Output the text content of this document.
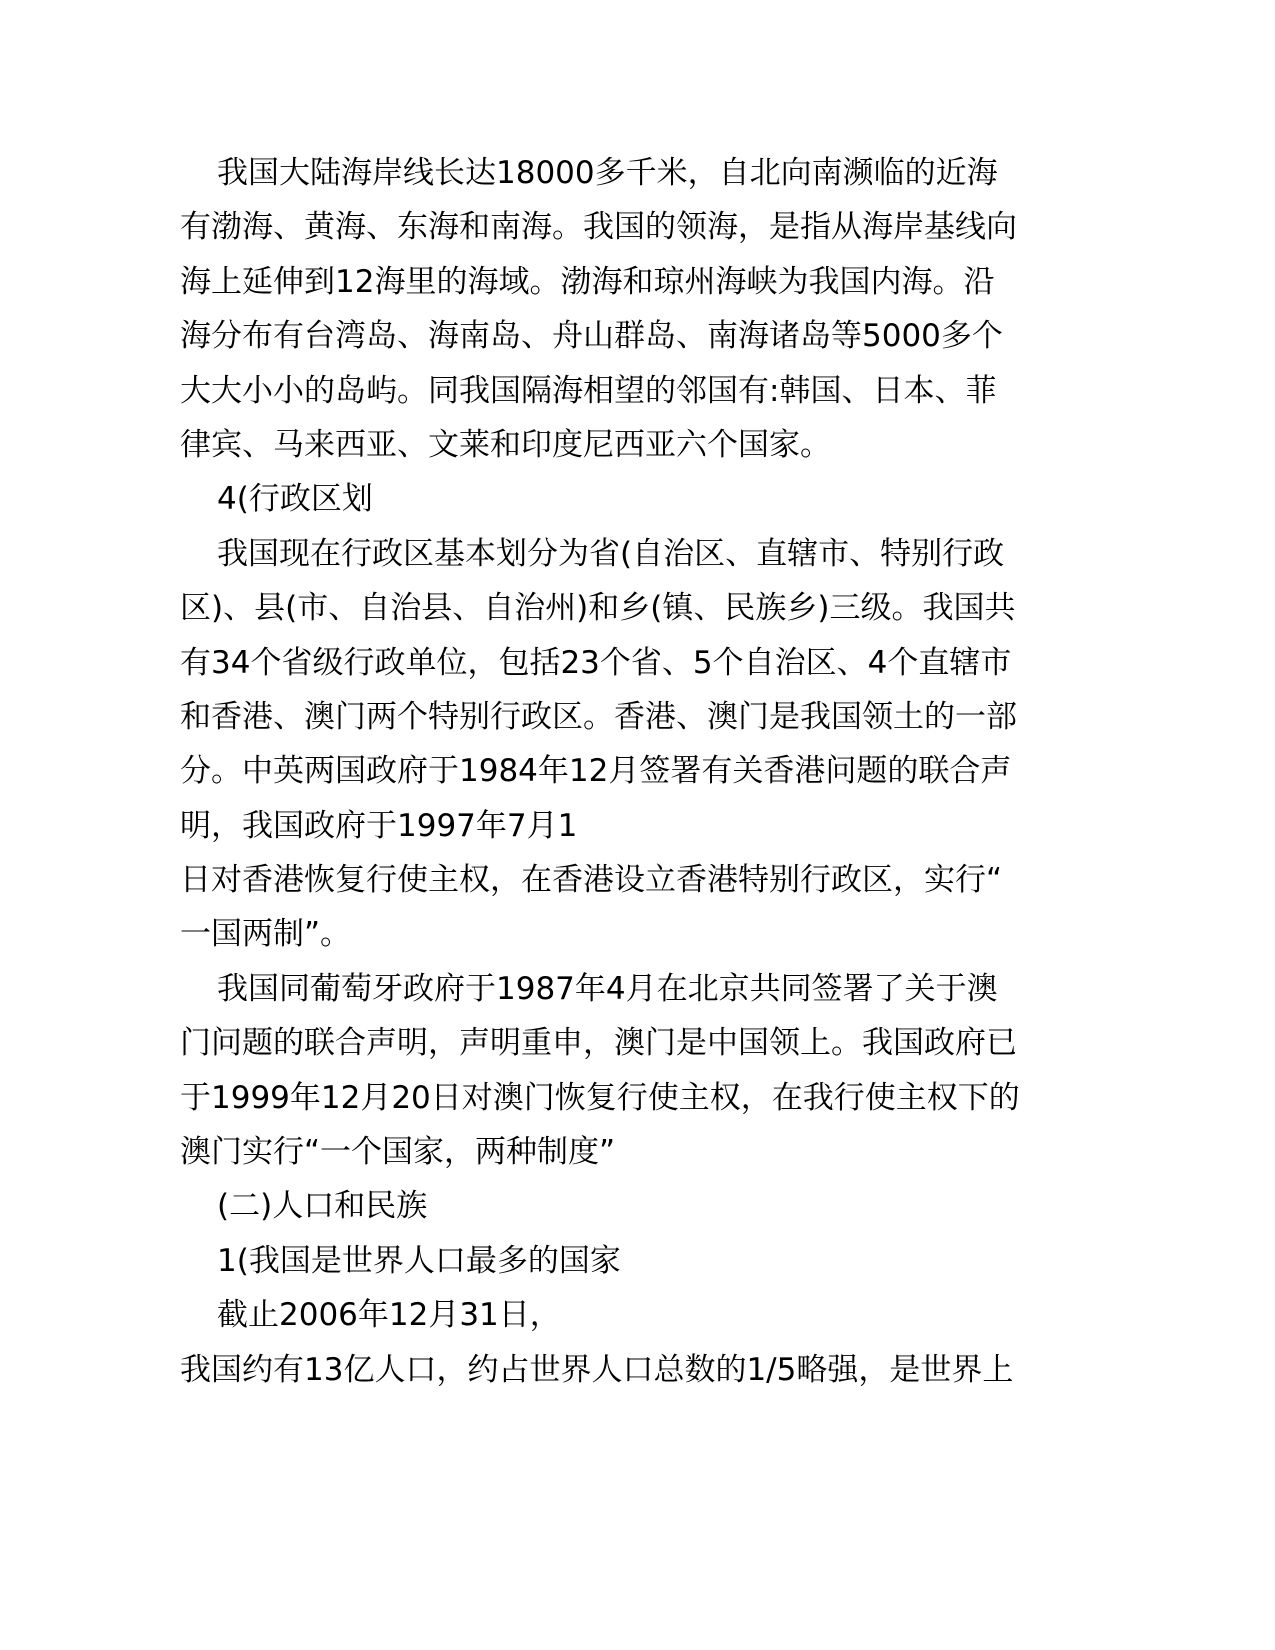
我国大陆海岸线长达18000多千米，自北向南濒临的近海
有渤海、黄海、东海和南海。我国的领海，是指从海岸基线向
海上延伸到12海里的海域。渤海和琼州海峡为我国内海。沿
海分布有台湾岛、海南岛、舟山群岛、南海诸岛等5000多个
大大小小的岛屿。同我国隔海相望的邻国有:韩国、日本、菲
律宾、马来西亚、文莱和印度尼西亚六个国家。
4(行政区划
我国现在行政区基本划分为省(自治区、直辖市、特别行政
区)、县(市、自治县、自治州)和乡(镇、民族乡)三级。我国共
有34个省级行政单位，包括23个省、5个自治区、4个直辖市
和香港、澳门两个特别行政区。香港、澳门是我国领土的一部
分。中英两国政府于1984年12月签署有关香港问题的联合声
明，我国政府于1997年7月1
日对香港恢复行使主权，在香港设立香港特别行政区，实行“
一国两制”。
我国同葡萄牙政府于1987年4月在北京共同签署了关于澳
门问题的联合声明，声明重申，澳门是中国领上。我国政府已
于1999年12月20日对澳门恢复行使主权，在我行使主权下的
澳门实行“一个国家，两种制度”
(二)人口和民族
1(我国是世界人口最多的国家
截止2006年12月31日，
我国约有13亿人口，约占世界人口总数的1/5略强，是世界上
